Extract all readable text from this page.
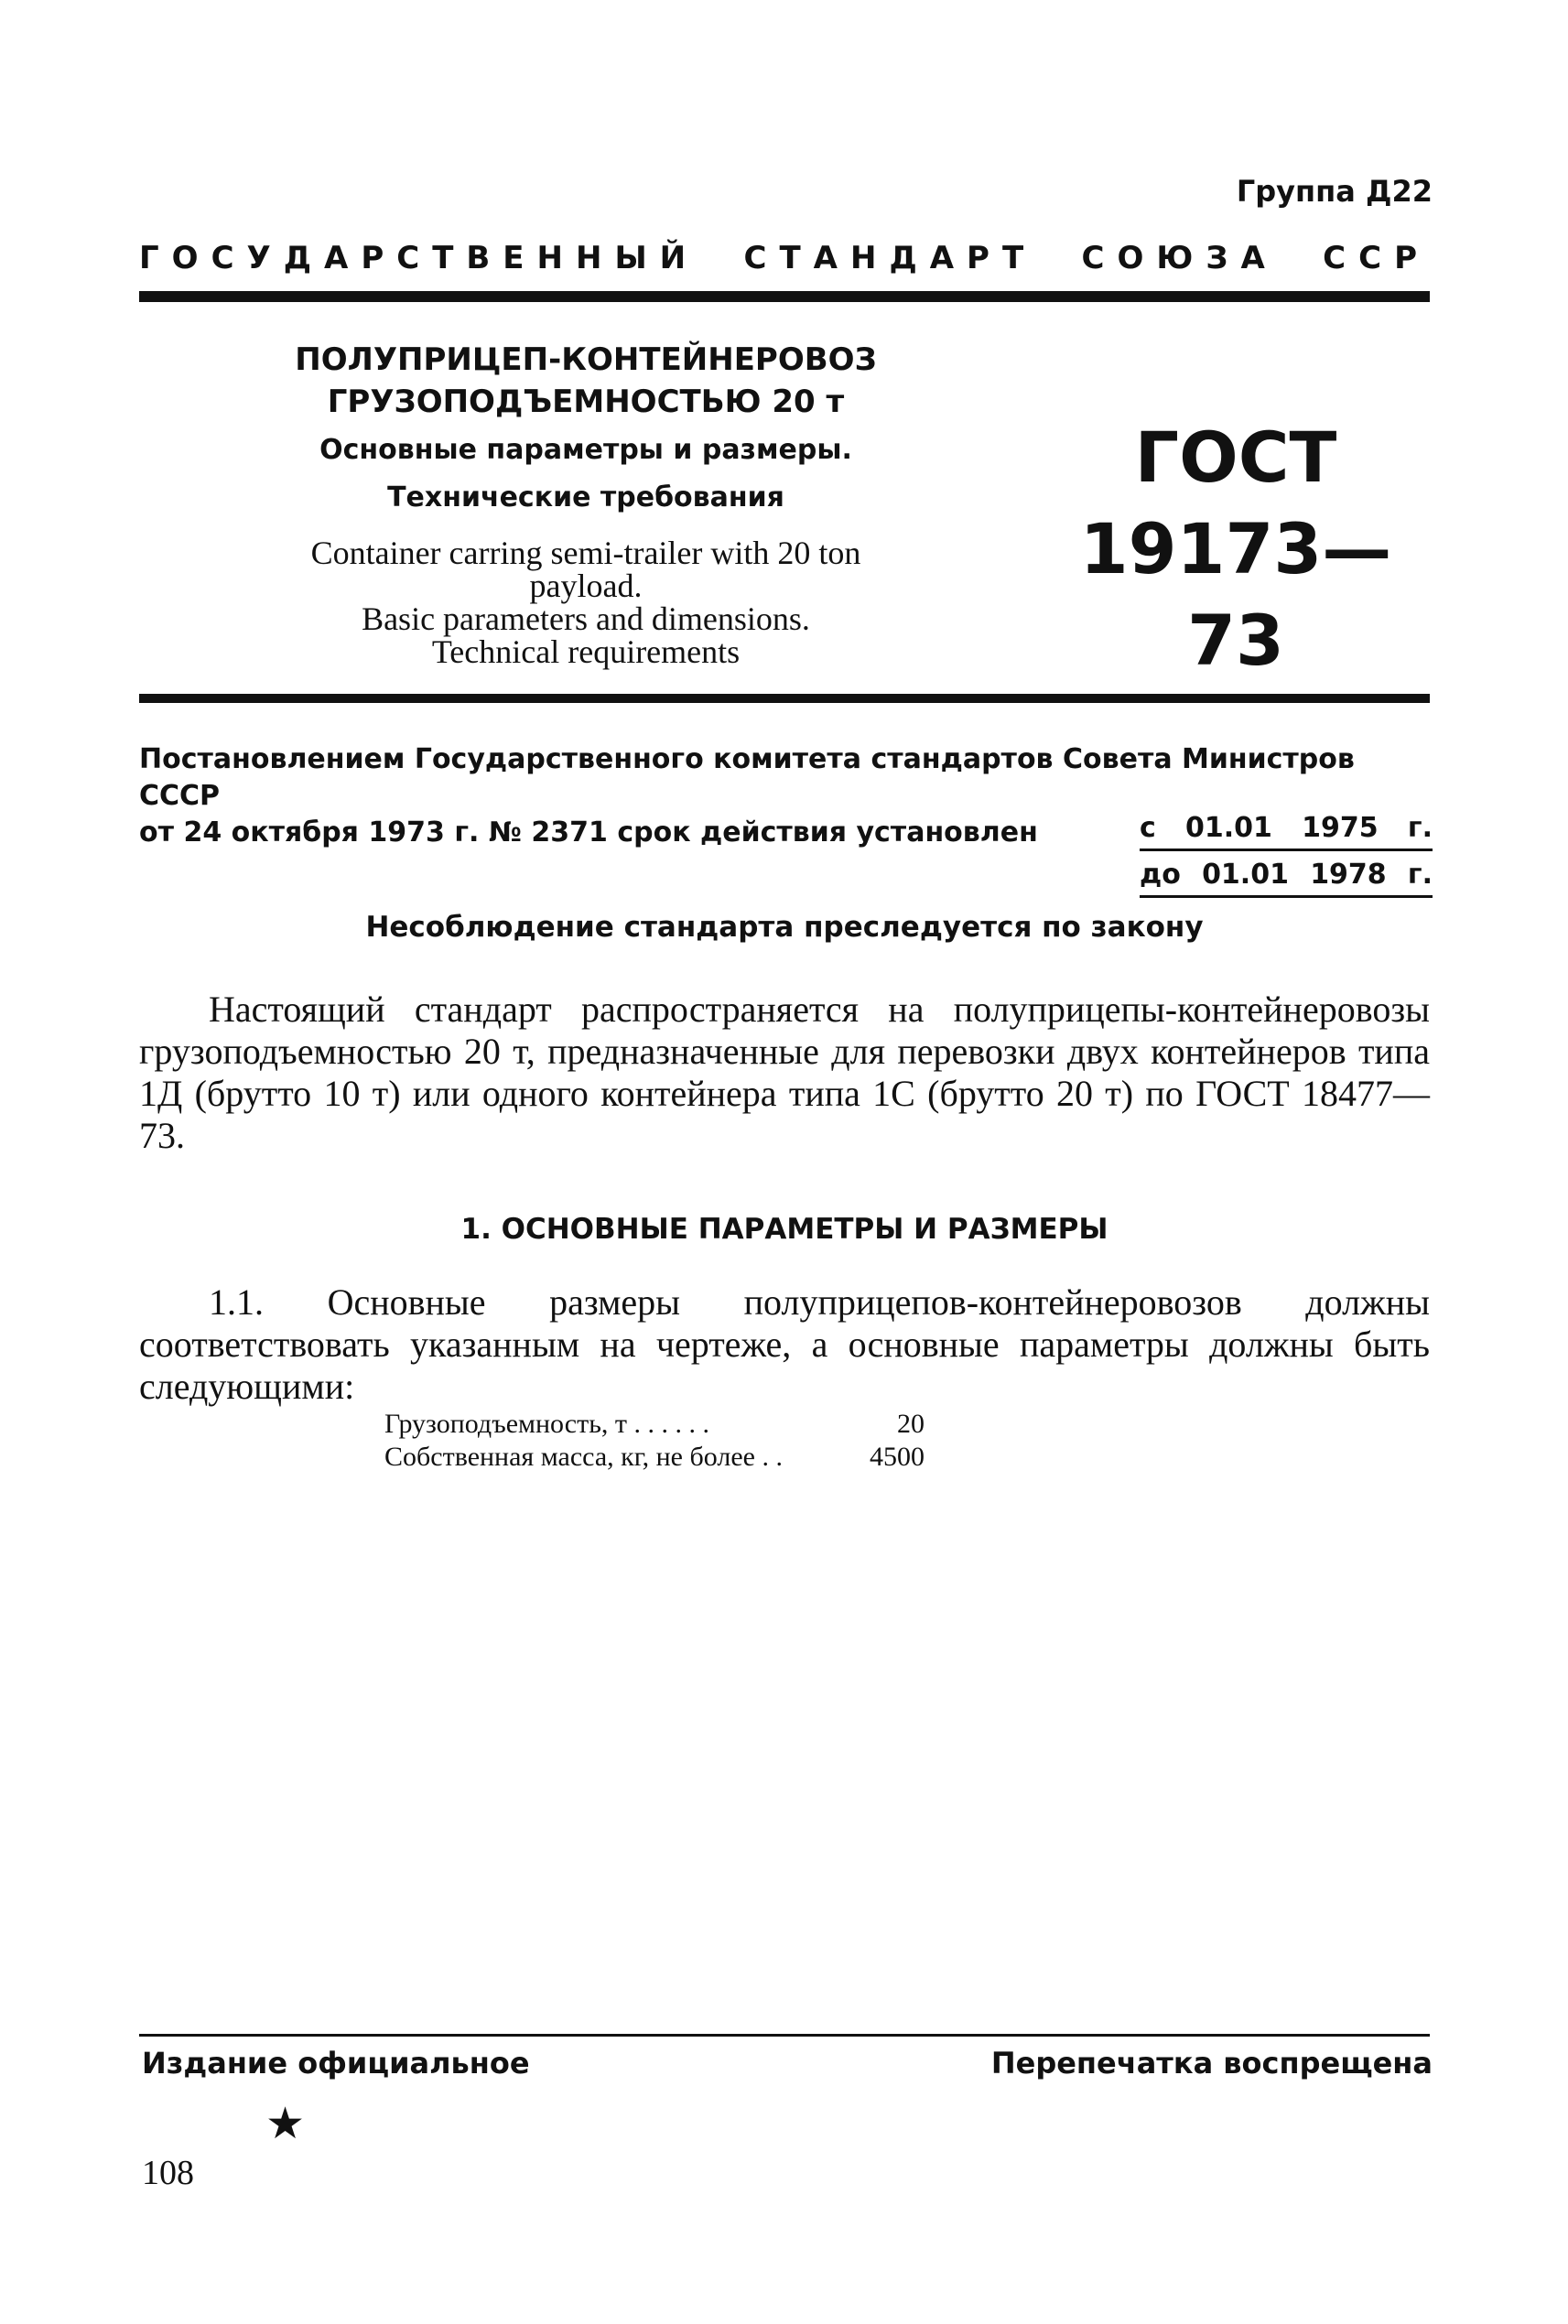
Группа Д22
ГОСУДАРСТВЕННЫЙ СТАНДАРТ СОЮЗА ССР
ПОЛУПРИЦЕП-КОНТЕЙНЕРОВОЗ
ГРУЗОПОДЪЕМНОСТЬЮ 20 т
Основные параметры и размеры.
Технические требования
Container carring semi-trailer with 20 ton
payload.
Basic parameters and dimensions.
Technical requirements
ГОСТ
19173—73
Постановлением Государственного комитета стандартов Совета Министров СССР
от 24 октября 1973 г. № 2371 срок действия установлен	с 01.01 1975 г.
до 01.01 1978 г.
Несоблюдение стандарта преследуется по закону
Настоящий стандарт распространяется на полуприцепы-контейнеровозы грузоподъемностью 20 т, предназначенные для перевозки двух контейнеров типа 1Д (брутто 10 т) или одного контейнера типа 1С (брутто 20 т) по ГОСТ 18477—73.
1. ОСНОВНЫЕ ПАРАМЕТРЫ И РАЗМЕРЫ
1.1. Основные размеры полуприцепов-контейнеровозов должны соответствовать указанным на чертеже, а основные параметры должны быть следующими:
Грузоподъемность, т . . . . . .	20
Собственная масса, кг, не более . .	4500
Издание официальное	Перепечатка воспрещена
★
108
